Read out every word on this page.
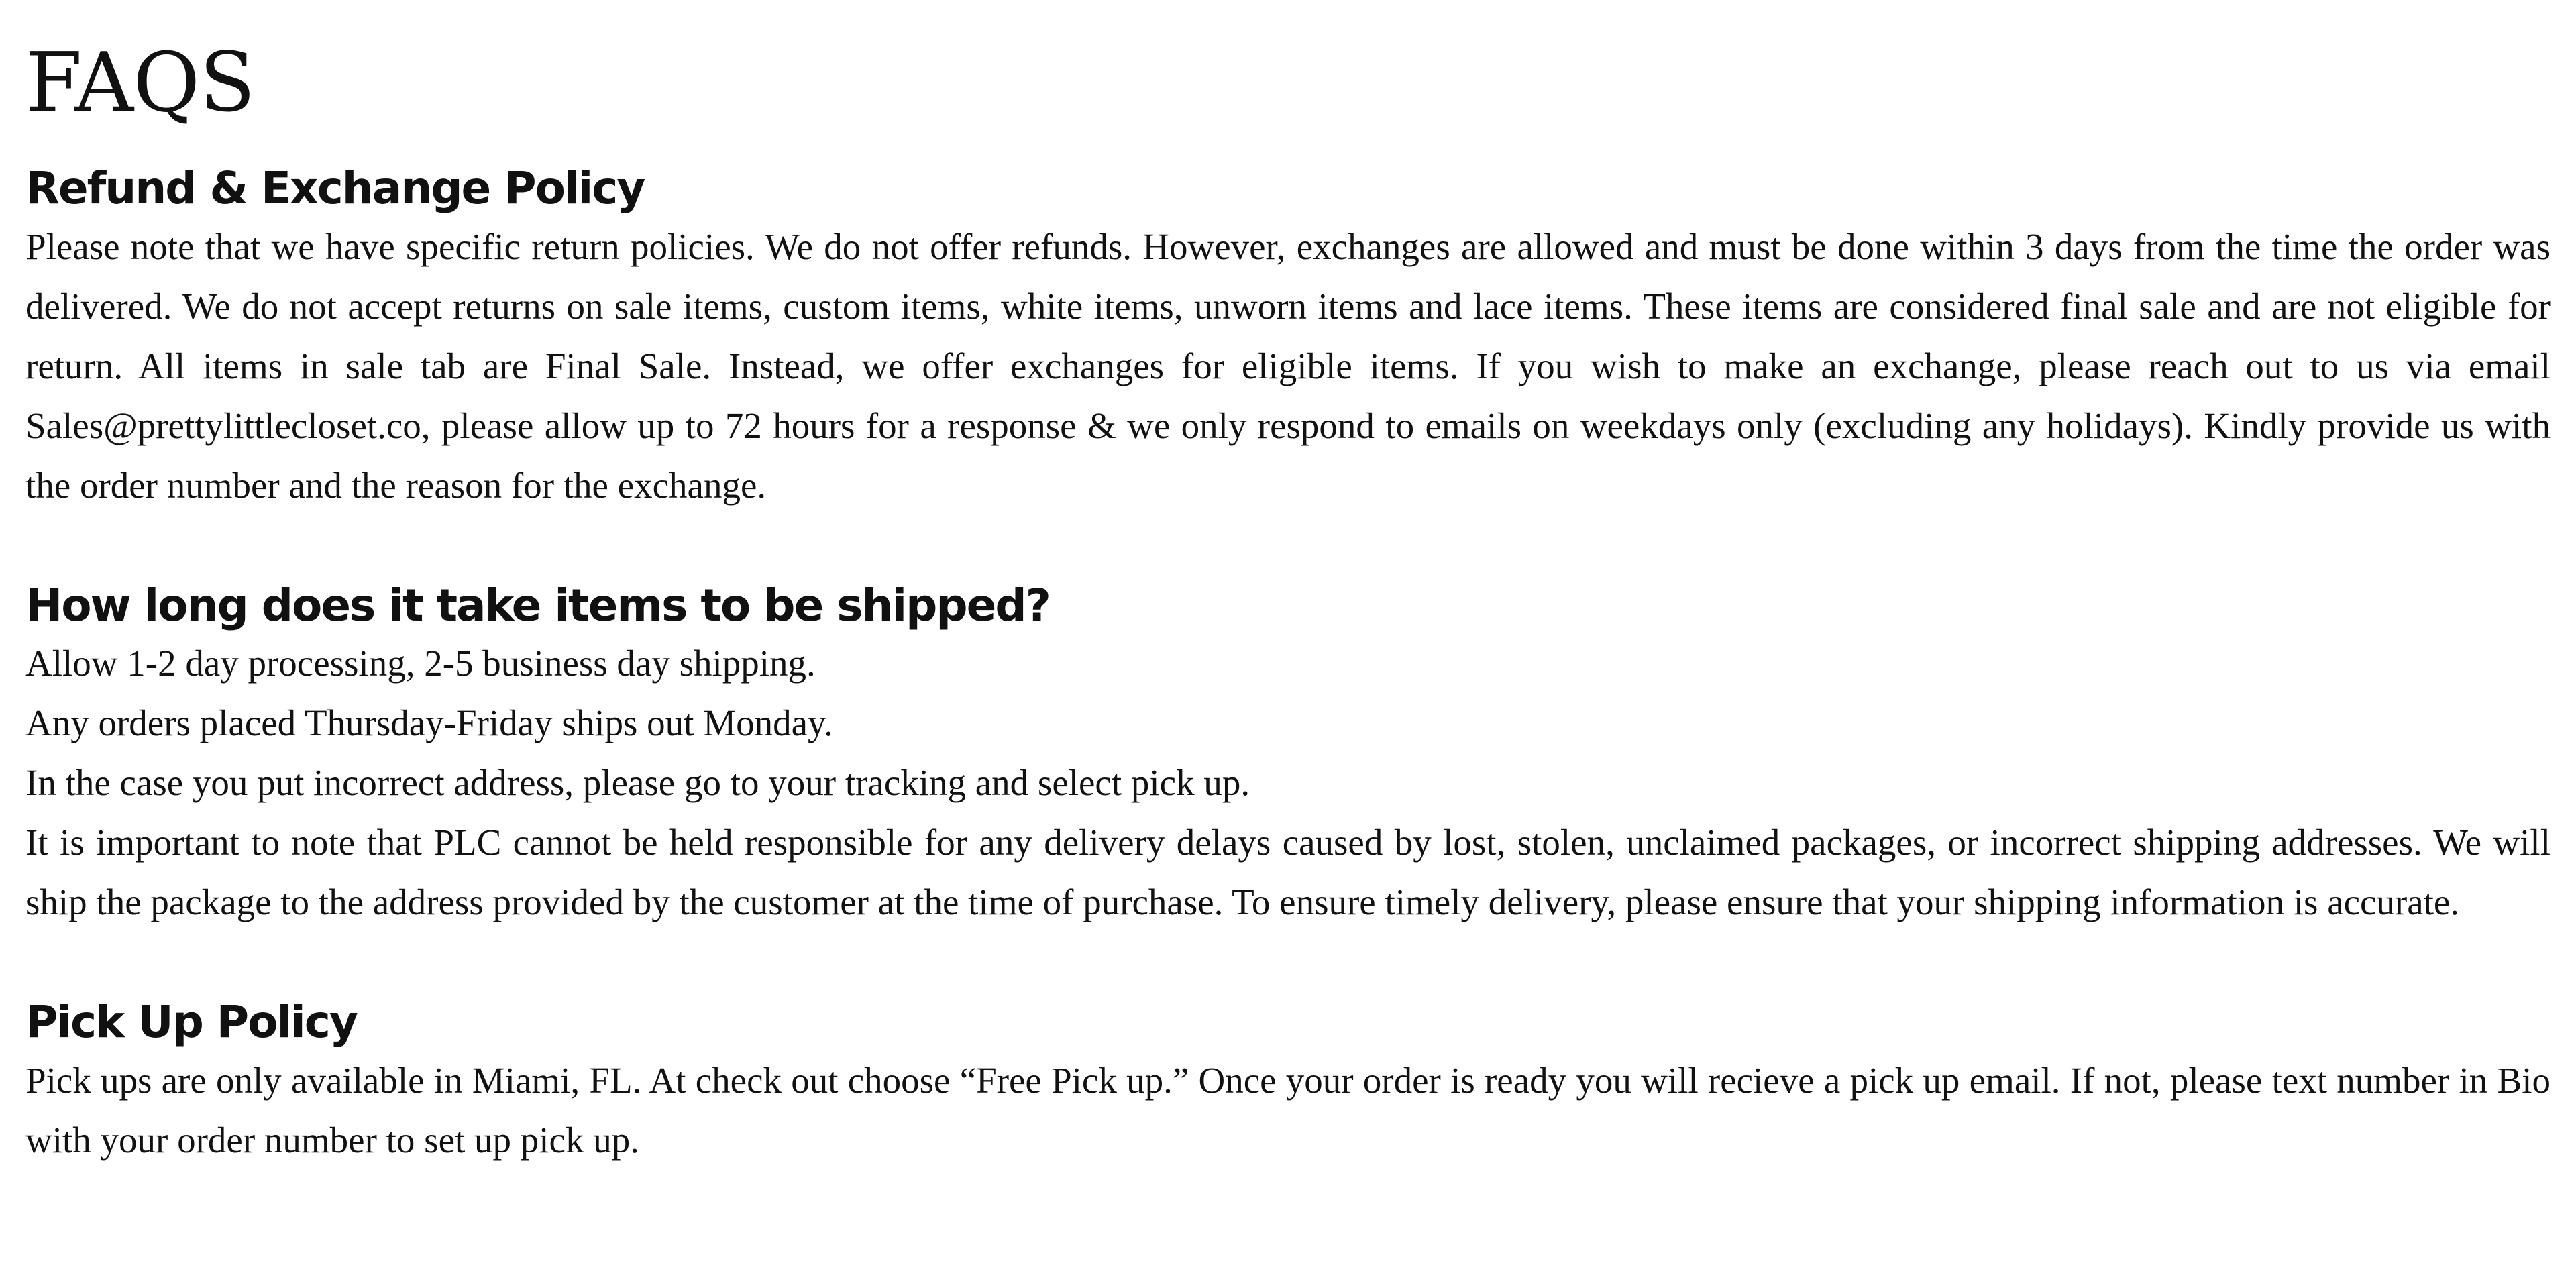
FAQS
Refund & Exchange Policy

Please note that we have specific return policies. We do not offer refunds. However, exchanges are allowed and must be done within 3 days from the time the order was delivered. We do not accept returns on sale items, custom items, white items, unworn items and lace items. These items are considered final sale and are not eligible for return. All items in sale tab are Final Sale. Instead, we offer exchanges for eligible items. If you wish to make an exchange, please reach out to us via email Sales@prettylittlecloset.co, please allow up to 72 hours for a response & we only respond to emails on weekdays only (excluding any holidays). Kindly provide us with the order number and the reason for the exchange.

How long does it take items to be shipped?

Allow 1-2 day processing, 2-5 business day shipping.

Any orders placed Thursday-Friday ships out Monday.

In the case you put incorrect address, please go to your tracking and select pick up.

It is important to note that PLC cannot be held responsible for any delivery delays caused by lost, stolen, unclaimed packages, or incorrect shipping addresses. We will ship the package to the address provided by the customer at the time of purchase. To ensure timely delivery, please ensure that your shipping information is accurate.

Pick Up Policy

Pick ups are only available in Miami, FL. At check out choose “Free Pick up.” Once your order is ready you will recieve a pick up email. If not, please text number in Bio with your order number to set up pick up.
